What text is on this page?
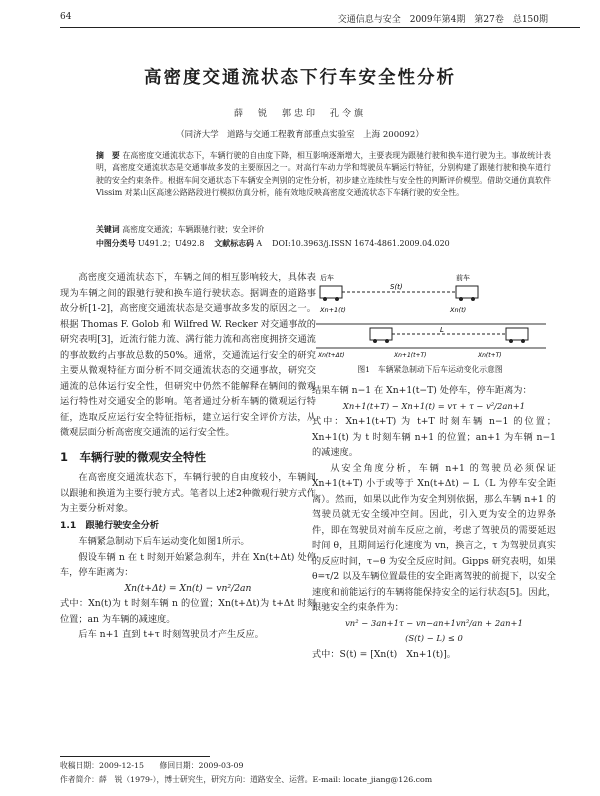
64	交通信息与安全　2009年第4期　第27卷　总150期
高密度交通流状态下行车安全性分析
薛　锐　郭忠印　孔令旗
（同济大学　道路与交通工程教育部重点实验室　上海 200092）
摘　要 在高密度交通流状态下，车辆行驶的自由度下降，相互影响逐渐增大，主要表现为跟驰行驶和换车道行驶为主。事故统计表明，高密度交通流状态是交通事故多发的主要原因之一。对高行车动力学和驾驶员车辆运行特征，分别构建了跟驰行驶和换车道行驶的安全约束条件。根据车间交通状态下车辆安全判别的定性分析，初步建立连续性与安全性的判断评价模型。借助交通仿真软件 Vissim 对某山区高速公路路段进行模拟仿真分析，能有效地反映高密度交通流状态下车辆行驶的安全性。
关键词 高密度交通流；车辆跟驰行驶；安全评价
中图分类号 U491.2；U492.8 文献标志码 A DOI:10.3963/j.ISSN 1674-4861.2009.04.020

高密度交通流状态下，车辆之间的相互影响较大，具体表现为车辆之间的跟驰行驶和换车道行驶状态。据调查的道路事故分析[1-2]，高密度交通流状态是交通事故多发的原因之一。根据 Thomas F. Golob 和 Wilfred W. Recker 对交通事故的研究表明[3]，近流行能力流、满行能力流和高密度拥挤交通流的事故数约占事故总数的50%。通常，交通流运行安全的研究主要从微观特征方面分析不同交通流状态的交通事故，研究交通流的总体运行安全性，但研究中仍然不能解释在辆间的微观运行特性对交通安全的影响。笔者通过分析车辆的微观运行特征，选取反应运行安全特征指标，建立运行安全评价方法，从微观层面分析高密度交通流的运行安全性。

1　车辆行驶的微观安全特性

在高密度交通流状态下，车辆行驶的自由度较小，车辆间以跟驰和换道为主要行驶方式。笔者以上述2种微观行驶方式作为主要分析对象。

1.1　跟驰行驶安全分析

车辆紧急制动下后车运动变化如图1所示。

假设车辆 n 在 t 时刻开始紧急刹车，并在 Xn(t+Δt) 处停车，停车距离为：

Xn(t+Δt) = Xn(t) − vn²/2an

式中：Xn(t)为 t 时刻车辆 n 的位置；Xn(t+Δt)为 t+Δt 时刻位置；an 为车辆的减速度。

后车 n+1 直到 t+τ 时刻驾驶员才产生反应。

后车	前车
S(t)
Xn+1(t)	Xn(t)
L
Xn(t+Δt)	Xn+1(t+T)	Xn(t+T)
图1　车辆紧急制动下后车运动变化示意图

结果车辆 n−1 在 Xn+1(t−T) 处停车，停车距离为：

Xn+1(t+T) − Xn+1(t) = vτ + τ − v²/2an+1

式中：Xn+1(t+T) 为 t+T 时刻车辆 n−1 的位置；Xn+1(t) 为 t 时刻车辆 n+1 的位置；an+1 为车辆 n−1 的减速度。

从安全角度分析，车辆 n+1 的驾驶员必须保证 Xn+1(t+T) 小于或等于 Xn(t+Δt) − L（L 为停车安全距离）。然而，如果以此作为安全判别依据，那么车辆 n+1 的驾驶员就无安全缓冲空间。因此，引入更为安全的边界条件，即在驾驶员对前车反应之前，考虑了驾驶员的需要延迟时间 θ，且期间运行化速度为 vn，换言之，τ 为驾驶员真实的反应时间，τ−θ 为安全反应时间。Gipps 研究表明，如果 θ=τ/2 以及车辆位置最佳的安全距离驾驶的前提下，以安全速度和前能运行的车辆将能保持安全的运行状态[5]。因此，跟驰安全约束条件为：

vn² − 3an+1τ − vn−an+1vn²/an + 2an+1

(S(t) − L) ≤ 0

式中：S(t) = [Xn(t)　Xn+1(t)]。

收稿日期：2009-12-15　　修回日期：2009-03-09
作者简介：薛　锐（1979-），博士研究生，研究方向：道路安全、运营。E-mail: locate_jiang@126.com
